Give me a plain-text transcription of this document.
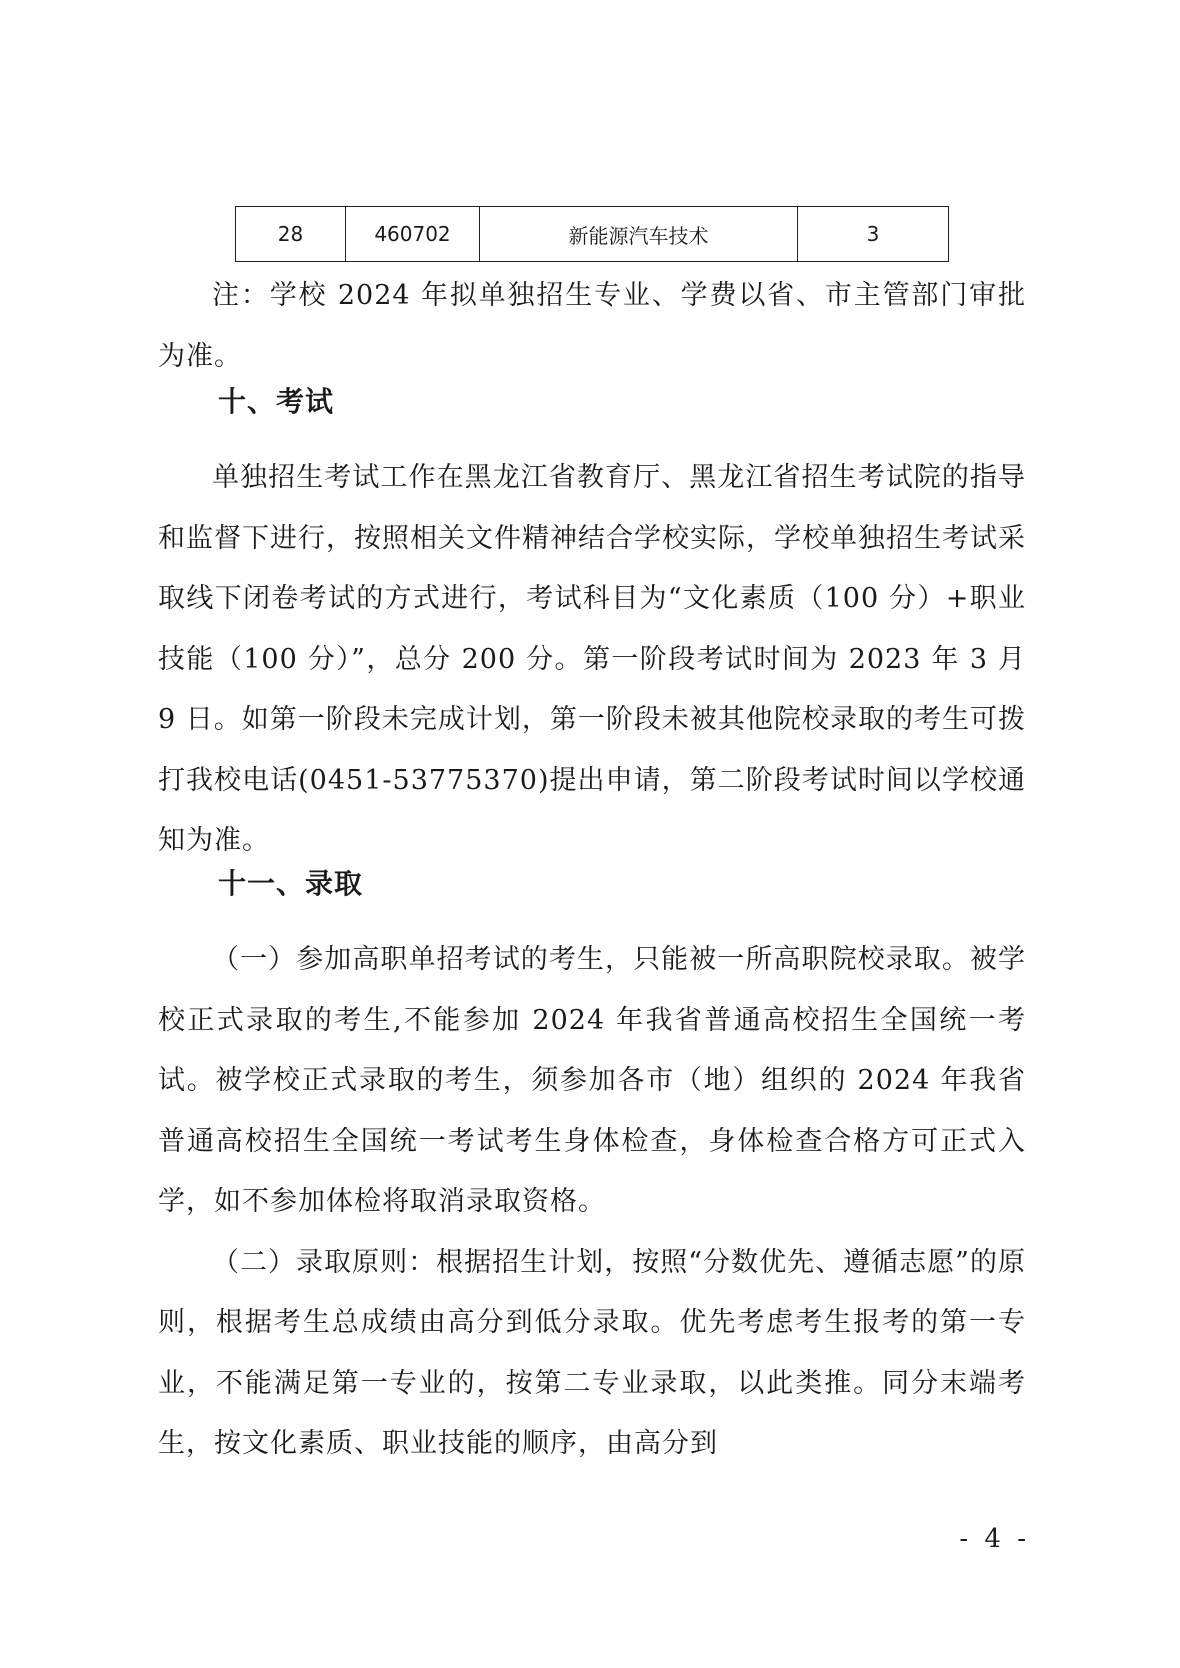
28	460702	新能源汽车技术	3

注：学校 2024 年拟单独招生专业、学费以省、市主管部门审批为准。

十、考试

单独招生考试工作在黑龙江省教育厅、黑龙江省招生考试院的指导和监督下进行，按照相关文件精神结合学校实际，学校单独招生考试采取线下闭卷考试的方式进行，考试科目为“文化素质（100 分）+职业技能（100 分）”，总分 200 分。第一阶段考试时间为 2023 年 3 月 9 日。如第一阶段未完成计划，第一阶段未被其他院校录取的考生可拨打我校电话(0451-53775370)提出申请，第二阶段考试时间以学校通知为准。

十一、录取

（一）参加高职单招考试的考生，只能被一所高职院校录取。被学校正式录取的考生,不能参加 2024 年我省普通高校招生全国统一考试。被学校正式录取的考生，须参加各市（地）组织的 2024 年我省普通高校招生全国统一考试考生身体检查，身体检查合格方可正式入学，如不参加体检将取消录取资格。

（二）录取原则：根据招生计划，按照“分数优先、遵循志愿”的原则，根据考生总成绩由高分到低分录取。优先考虑考生报考的第一专业，不能满足第一专业的，按第二专业录取，以此类推。同分末端考生，按文化素质、职业技能的顺序，由高分到

- 4 -
